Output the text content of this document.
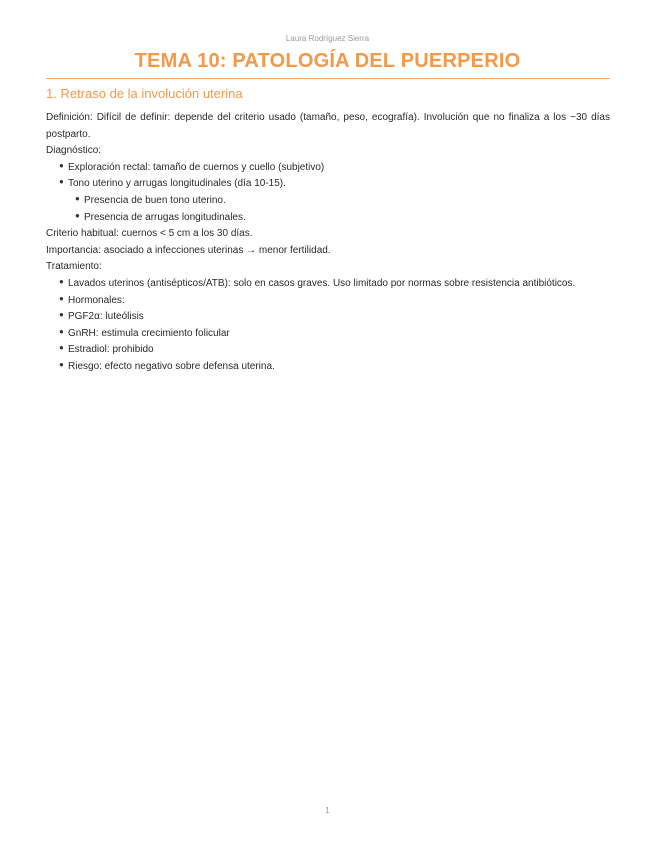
Laura Rodríguez Sierra
TEMA 10: PATOLOGÍA DEL PUERPERIO
1. Retraso de la involución uterina

Definición: Difícil de definir: depende del criterio usado (tamaño, peso, ecografía). Involución que no finaliza a los ~30 días postparto.

Diagnóstico:

● Exploración rectal: tamaño de cuernos y cuello (subjetivo)
● Tono uterino y arrugas longitudinales (día 10-15).
● Presencia de buen tono uterino.
● Presencia de arrugas longitudinales.

Criterio habitual: cuernos < 5 cm a los 30 días.

Importancia: asociado a infecciones uterinas → menor fertilidad.

Tratamiento:

● Lavados uterinos (antisépticos/ATB): solo en casos graves. Uso limitado por normas sobre resistencia antibióticos.
● Hormonales:
● PGF2α: luteólisis
● GnRH: estimula crecimiento folicular
● Estradiol: prohibido
● Riesgo: efecto negativo sobre defensa uterina.
1
